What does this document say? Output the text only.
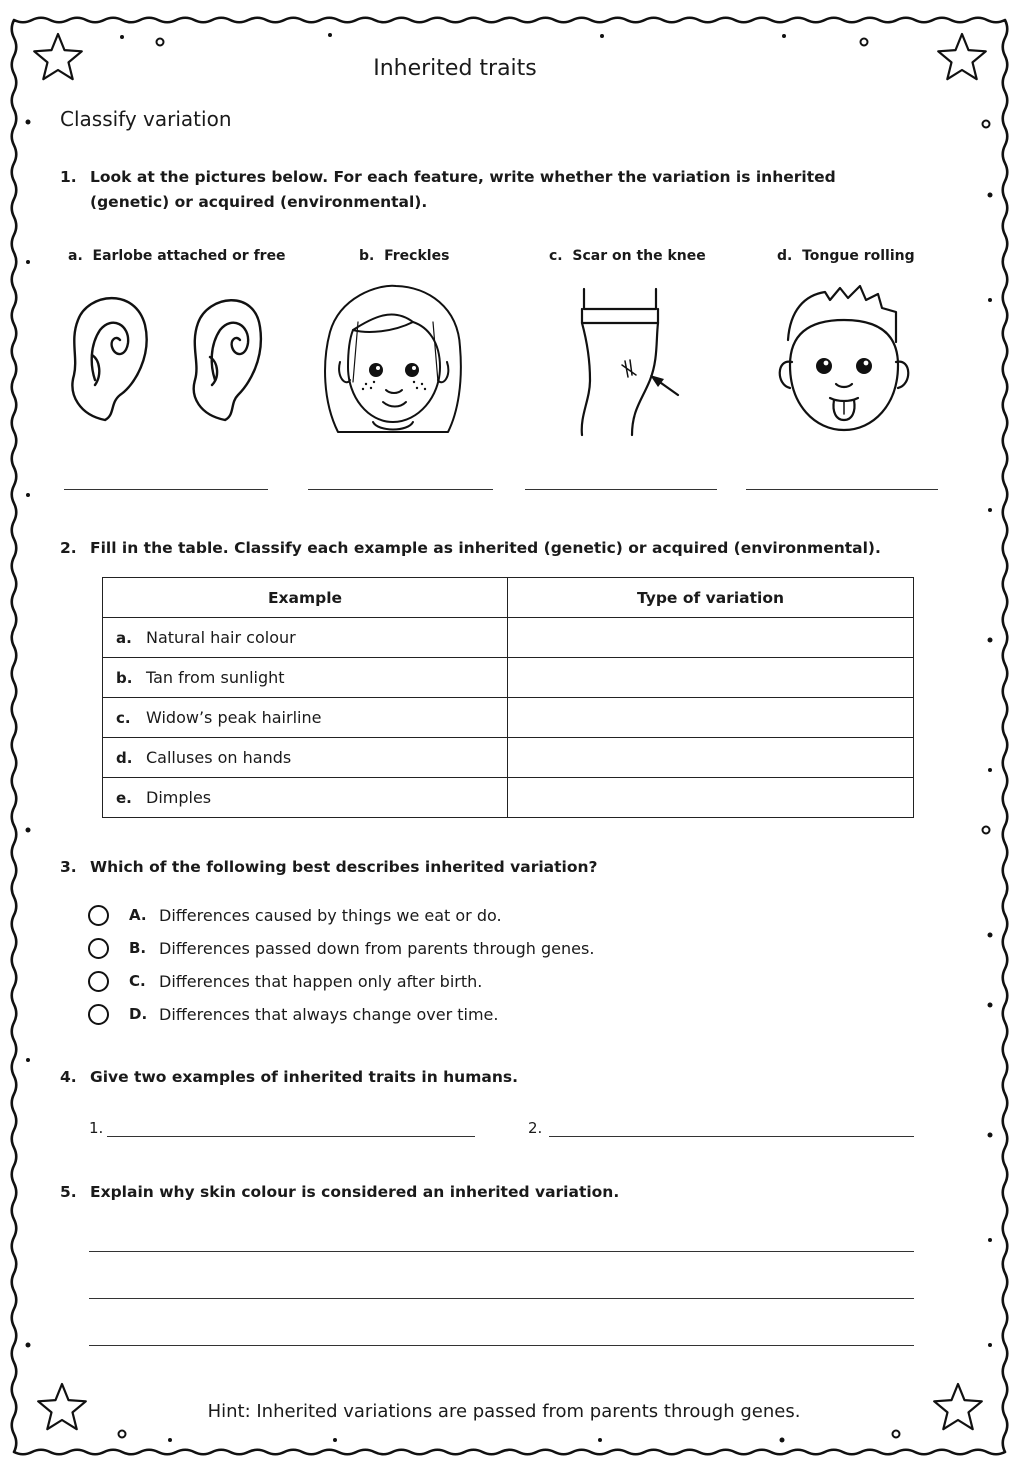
Inherited traits
Classify variation
1. Look at the pictures below. For each feature, write whether the variation is inherited (genetic) or acquired (environmental).
a. Earlobe attached or free	b. Freckles	c. Scar on the knee	d. Tongue rolling
2. Fill in the table. Classify each example as inherited (genetic) or acquired (environmental).
Example	Type of variation
a. Natural hair colour	
b. Tan from sunlight	
c. Widow’s peak hairline	
d. Calluses on hands	
e. Dimples	
3. Which of the following best describes inherited variation?
A. Differences caused by things we eat or do.
B. Differences passed down from parents through genes.
C. Differences that happen only after birth.
D. Differences that always change over time.
4. Give two examples of inherited traits in humans.
1.	2.
5. Explain why skin colour is considered an inherited variation.
Hint: Inherited variations are passed from parents through genes.
